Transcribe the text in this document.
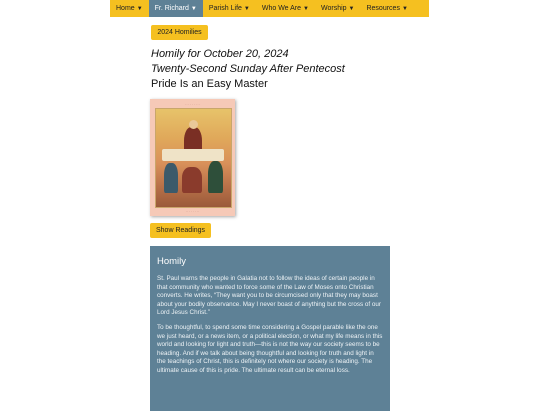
Home ▼	Fr. Richard ▼	Parish Life ▼	Who We Are ▼	Worship ▼	Resources ▼
2024 Homilies
Homily for October 20, 2024
Twenty-Second Sunday After Pentecost
Pride Is an Easy Master
· · · · · · · · ·
· · · · · · · ·
Show Readings
Homily

St. Paul warns the people in Galatia not to follow the ideas of certain people in that community who wanted to force some of the Law of Moses onto Christian converts. He writes, “They want you to be circumcised only that they may boast about your bodily observance. May I never boast of anything but the cross of our Lord Jesus Christ.”

To be thoughtful, to spend some time considering a Gospel parable like the one we just heard, or a news item, or a political election, or what my life means in this world and looking for light and truth—this is not the way our society seems to be heading. And if we talk about being thoughtful and looking for truth and light in the teachings of Christ, this is definitely not where our society is heading. The ultimate cause of this is pride. The ultimate result can be eternal loss.
